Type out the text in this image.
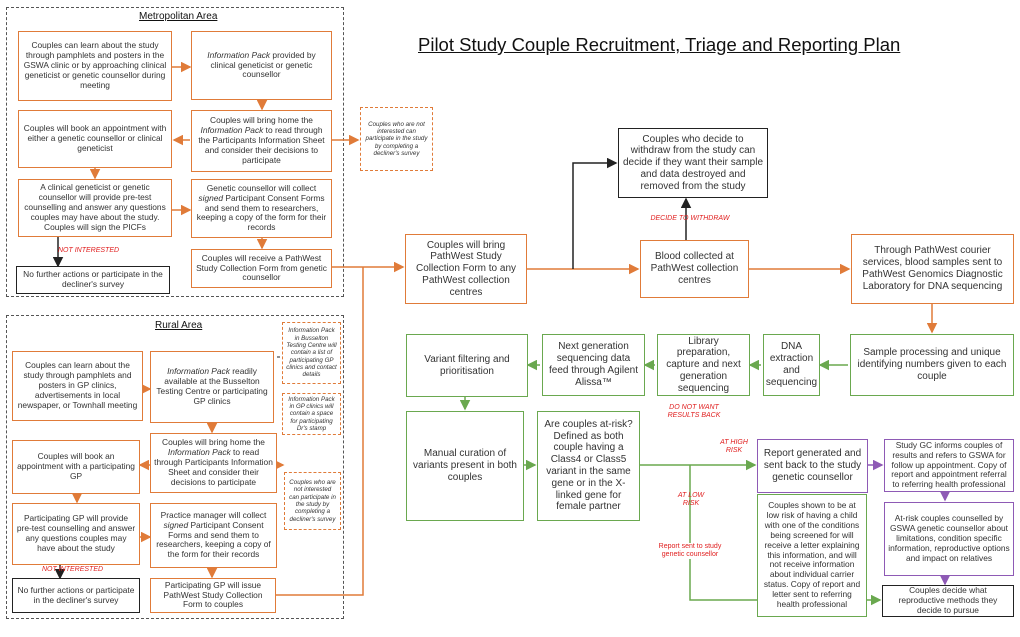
Pilot Study Couple Recruitment, Triage and Reporting Plan
Metropolitan Area
Rural Area
Couples can learn about the study through pamphlets and posters in the GSWA clinic or by approaching clinical geneticist or genetic counsellor during meeting
Information Pack provided by clinical geneticist or genetic counsellor
Couples will book an appointment with either a genetic counsellor or clinical geneticist
Couples will bring home the Information Pack to read through the Participants Information Sheet and consider their decisions to participate
Couples who are not interested can participate in the study by completing a decliner's survey
A clinical geneticist or genetic counsellor will provide pre-test counselling and answer any questions couples may have about the study. Couples will sign the PICFs
Genetic counsellor will collect signed Participant Consent Forms and send them to researchers, keeping a copy of the form for their records
NOT INTERESTED
No further actions or participate in the decliner's survey
Couples will receive a PathWest Study Collection Form from genetic counsellor
Couples can learn about the study through pamphlets and posters in GP clinics, advertisements in local newspaper, or Townhall meeting
Information Pack readily available at the Busselton Testing Centre or participating GP clinics
Information Pack in Busselton Testing Centre will contain a list of participating GP clinics and contact details
Information Pack in GP clinics will contain a space for participating Dr's stamp
Couples will book an appointment with a participating GP
Couples will bring home the Information Pack to read through Participants Information Sheet and consider their decisions to participate	Couples who are not interested can participate in the study by completing a decliner's survey
Participating GP will provide pre-test counselling and answer any questions couples may have about the study
Practice manager will collect signed Participant Consent Forms and send them to researchers, keeping a copy of the form for their records
NOT INTERESTED
No further actions or participate in the decliner's survey
Participating GP will issue PathWest Study Collection Form to couples
Couples will bring PathWest Study Collection Form to any PathWest collection centres
Blood collected at PathWest collection centres
Couples who decide to withdraw from the study can decide if they want their sample and data destroyed and removed from the study
DECIDE TO WITHDRAW
Through PathWest courier services, blood samples sent to PathWest Genomics Diagnostic Laboratory for DNA sequencing
Sample processing and unique identifying numbers given to each couple
DNA extraction and sequencing
Library preparation, capture and next generation sequencing
Next generation sequencing data feed through Agilent Alissa™
Variant filtering and prioritisation
Manual curation of variants present in both couples
Are couples at-risk? Defined as both couple having a Class4 or Class5 variant in the same gene or in the X-linked gene for female partner
DO NOT WANT RESULTS BACK
AT HIGH RISK
AT LOW RISK
Report sent to study genetic counsellor
Report generated and sent back to the study genetic counsellor
Study GC informs couples of results and refers to GSWA for follow up appointment. Copy of report and appointment referral to referring health professional
At-risk couples counselled by GSWA genetic counsellor about limitations, condition specific information, reproductive options and impact on relatives
Couples decide what reproductive methods they decide to pursue
Couples shown to be at low risk of having a child with one of the conditions being screened for will receive a letter explaining this information, and will not receive information about individual carrier status. Copy of report and letter sent to referring health professional
